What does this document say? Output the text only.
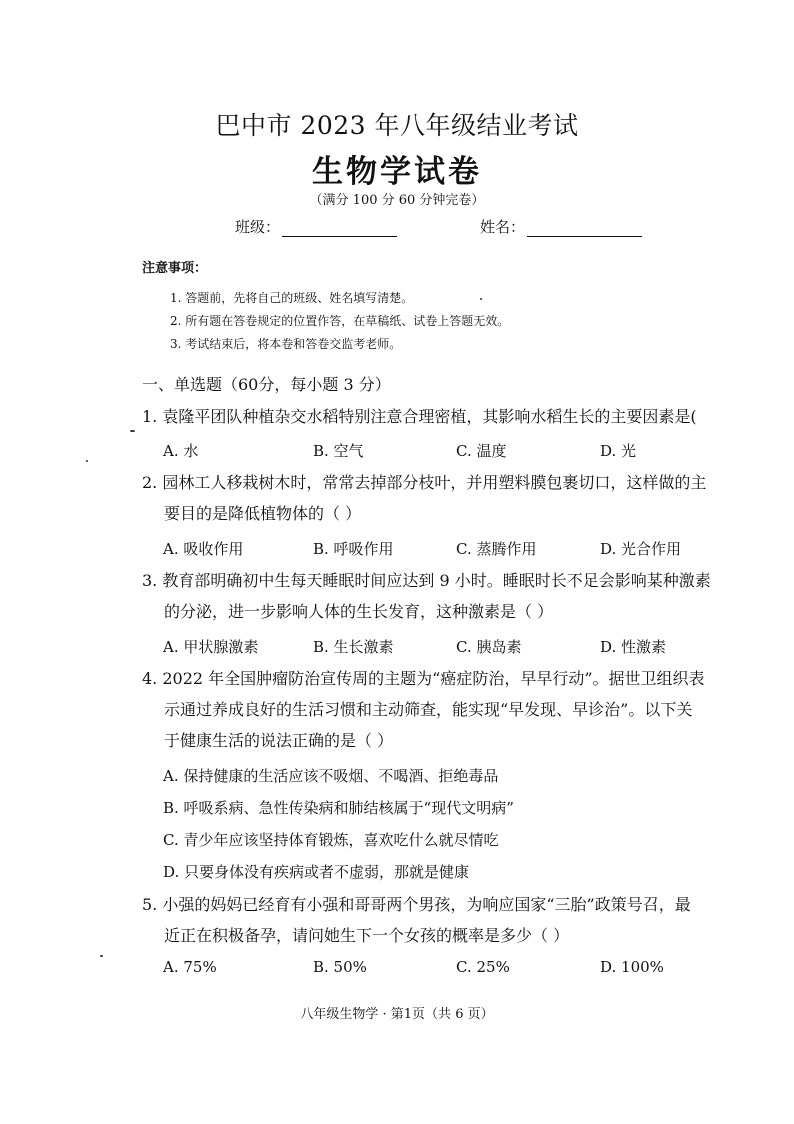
巴中市 2023 年八年级结业考试
生物学试卷
（满分 100 分 60 分钟完卷）
班级：	姓名：
注意事项：
1. 答题前，先将自己的班级、姓名填写清楚。
2. 所有题在答卷规定的位置作答，在草稿纸、试卷上答题无效。
3. 考试结束后，将本卷和答卷交监考老师。
一、单选题（60分，每小题 3 分）
1. 袁隆平团队种植杂交水稻特别注意合理密植，其影响水稻生长的主要因素是(
A. 水	B. 空气	C. 温度	D. 光
2. 园林工人移栽树木时，常常去掉部分枝叶，并用塑料膜包裹切口，这样做的主
要目的是降低植物体的（ ）
A. 吸收作用	B. 呼吸作用	C. 蒸腾作用	D. 光合作用
3. 教育部明确初中生每天睡眠时间应达到 9 小时。睡眠时长不足会影响某种激素
的分泌，进一步影响人体的生长发育，这种激素是（ ）
A. 甲状腺激素	B. 生长激素	C. 胰岛素	D. 性激素
4. 2022 年全国肿瘤防治宣传周的主题为“癌症防治，早早行动”。据世卫组织表
示通过养成良好的生活习惯和主动筛查，能实现“早发现、早诊治”。以下关
于健康生活的说法正确的是（ ）
A. 保持健康的生活应该不吸烟、不喝酒、拒绝毒品
B. 呼吸系病、急性传染病和肺结核属于“现代文明病”
C. 青少年应该坚持体育锻炼，喜欢吃什么就尽情吃
D. 只要身体没有疾病或者不虚弱，那就是健康
5. 小强的妈妈已经育有小强和哥哥两个男孩，为响应国家“三胎”政策号召，最
近正在积极备孕，请问她生下一个女孩的概率是多少（ ）
A. 75%	B. 50%	C. 25%	D. 100%
八年级生物学 · 第1页（共 6 页）
